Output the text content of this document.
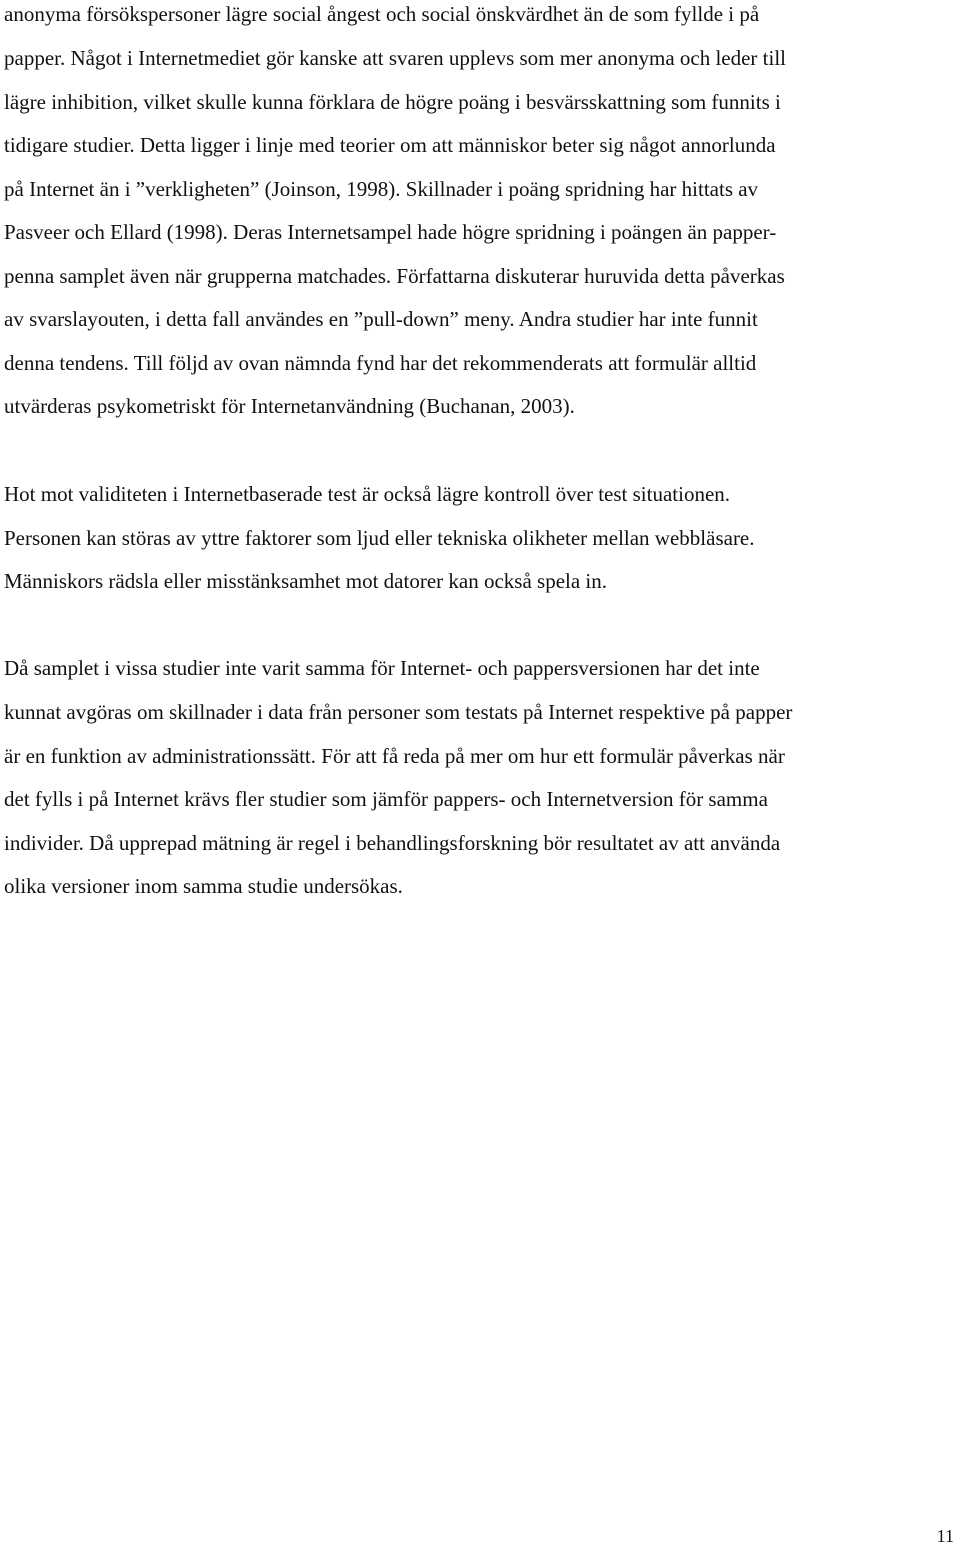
anonyma försökspersoner lägre social ångest och social önskvärdhet än de som fyllde i på
papper. Något i Internetmediet gör kanske att svaren upplevs som mer anonyma och leder till
lägre inhibition, vilket skulle kunna förklara de högre poäng i besvärsskattning som funnits i
tidigare studier. Detta ligger i linje med teorier om att människor beter sig något annorlunda
på Internet än i ”verkligheten” (Joinson, 1998). Skillnader i poäng spridning har hittats av
Pasveer och Ellard (1998). Deras Internetsampel hade högre spridning i poängen än papper-
penna samplet även när grupperna matchades. Författarna diskuterar huruvida detta påverkas
av svarslayouten, i detta fall användes en ”pull-down” meny. Andra studier har inte funnit
denna tendens. Till följd av ovan nämnda fynd har det rekommenderats att formulär alltid
utvärderas psykometriskt för Internetanvändning (Buchanan, 2003).
Hot mot validiteten i Internetbaserade test är också lägre kontroll över test situationen.
Personen kan störas av yttre faktorer som ljud eller tekniska olikheter mellan webbläsare.
Människors rädsla eller misstänksamhet mot datorer kan också spela in.
Då samplet i vissa studier inte varit samma för Internet- och pappersversionen har det inte
kunnat avgöras om skillnader i data från personer som testats på Internet respektive på papper
är en funktion av administrationssätt. För att få reda på mer om hur ett formulär påverkas när
det fylls i på Internet krävs fler studier som jämför pappers- och Internetversion för samma
individer. Då upprepad mätning är regel i behandlingsforskning bör resultatet av att använda
olika versioner inom samma studie undersökas.
11
